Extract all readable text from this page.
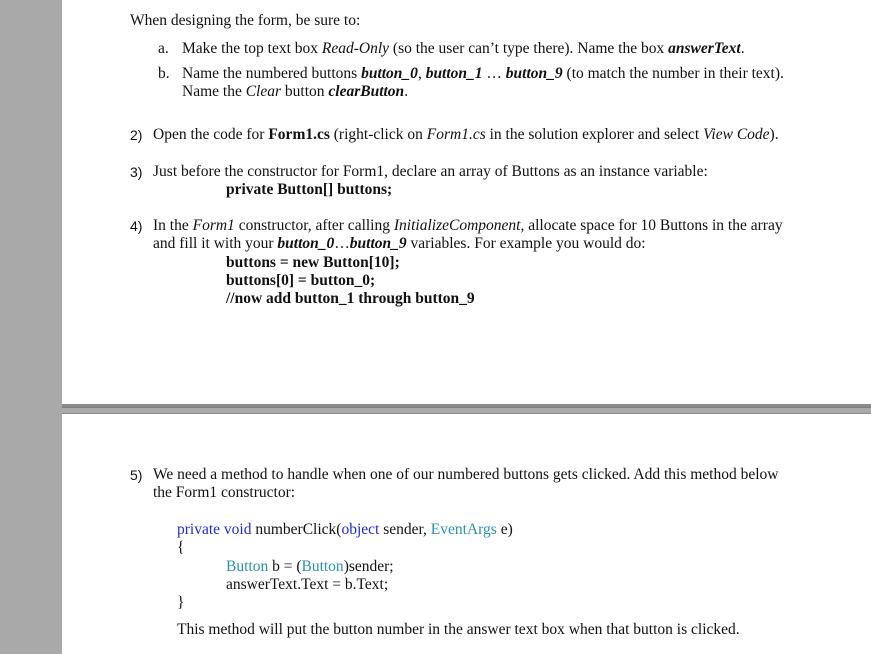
When designing the form, be sure to:
a. Make the top text box Read-Only (so the user can’t type there). Name the box answerText.
b. Name the numbered buttons button_0, button_1 … button_9 (to match the number in their text).
Name the Clear button clearButton.
2) Open the code for Form1.cs (right-click on Form1.cs in the solution explorer and select View Code).
3) Just before the constructor for Form1, declare an array of Buttons as an instance variable:
private Button[] buttons;
4) In the Form1 constructor, after calling InitializeComponent, allocate space for 10 Buttons in the array
and fill it with your button_0…button_9 variables. For example you would do:
buttons = new Button[10];
buttons[0] = button_0;
//now add button_1 through button_9
5) We need a method to handle when one of our numbered buttons gets clicked. Add this method below
the Form1 constructor:
private void numberClick(object sender, EventArgs e)
{
Button b = (Button)sender;
answerText.Text = b.Text;
}
This method will put the button number in the answer text box when that button is clicked.
